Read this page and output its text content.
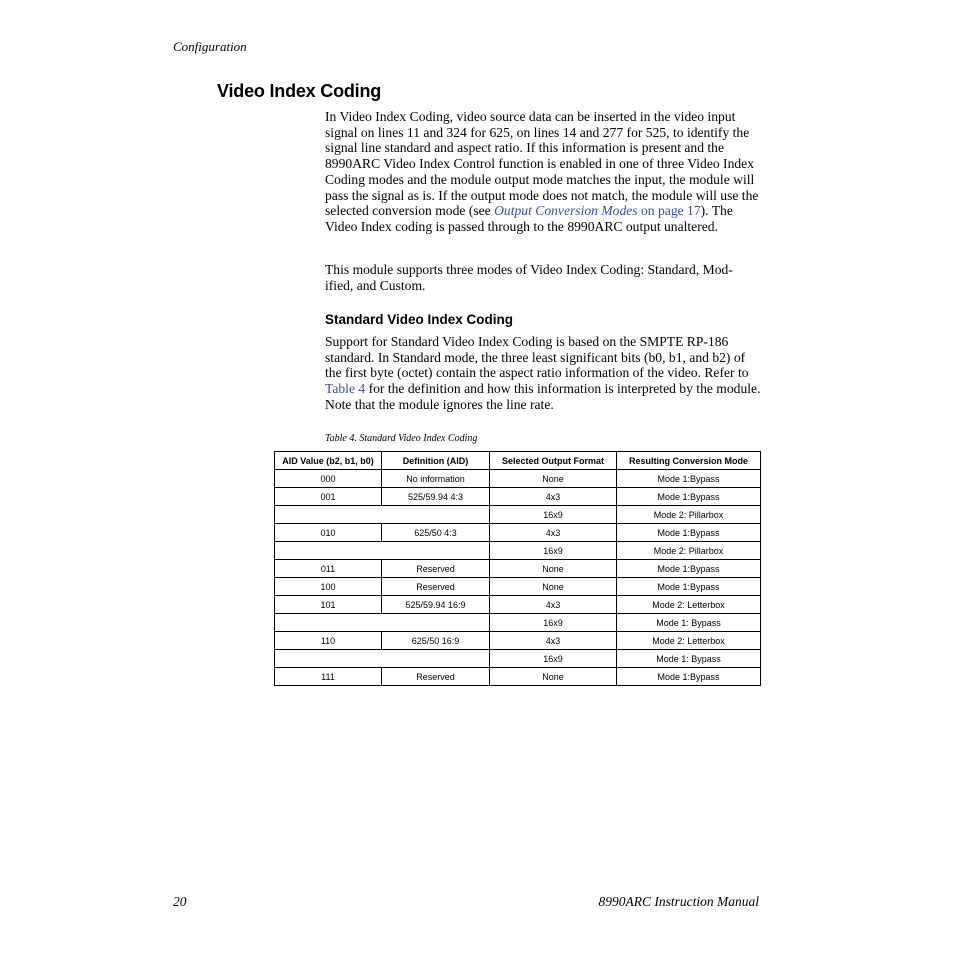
Configuration
Video Index Coding
In Video Index Coding, video source data can be inserted in the video input signal on lines 11 and 324 for 625, on lines 14 and 277 for 525, to identify the signal line standard and aspect ratio. If this information is present and the 8990ARC Video Index Control function is enabled in one of three Video Index Coding modes and the module output mode matches the input, the module will pass the signal as is. If the output mode does not match, the module will use the selected conversion mode (see Output Conversion Modes on page 17). The Video Index coding is passed through to the 8990ARC output unaltered.
This module supports three modes of Video Index Coding: Standard, Mod-ified, and Custom.
Standard Video Index Coding
Support for Standard Video Index Coding is based on the SMPTE RP-186 standard. In Standard mode, the three least significant bits (b0, b1, and b2) of the first byte (octet) contain the aspect ratio information of the video. Refer to Table 4 for the definition and how this information is interpreted by the module. Note that the module ignores the line rate.
Table 4. Standard Video Index Coding
AID Value (b2, b1, b0)	Definition (AID)	Selected Output Format	Resulting Conversion Mode
000	No information	None	Mode 1:Bypass
001	525/59.94 4:3	4x3	Mode 1:Bypass
		16x9	Mode 2: Pillarbox
010	625/50 4:3	4x3	Mode 1:Bypass
		16x9	Mode 2: Pillarbox
011	Reserved	None	Mode 1:Bypass
100	Reserved	None	Mode 1:Bypass
101	525/59.94 16:9	4x3	Mode 2: Letterbox
		16x9	Mode 1: Bypass
110	625/50 16:9	4x3	Mode 2: Letterbox
		16x9	Mode 1: Bypass
111	Reserved	None	Mode 1:Bypass
20	8990ARC Instruction Manual
